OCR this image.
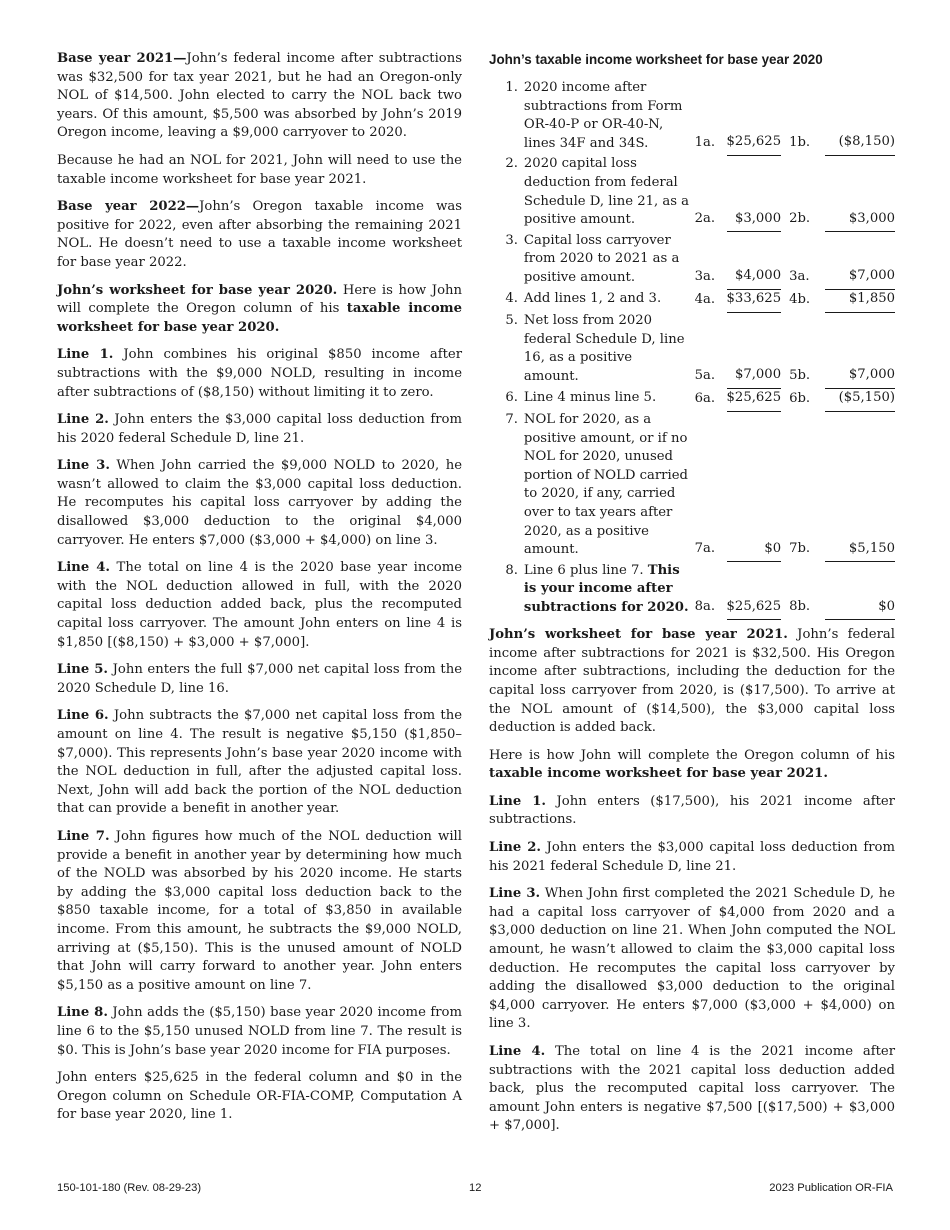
Base year 2021—John’s federal income after subtractions was $32,500 for tax year 2021, but he had an Oregon-only NOL of $14,500. John elected to carry the NOL back two years. Of this amount, $5,500 was absorbed by John’s 2019 Oregon income, leaving a $9,000 carryover to 2020.

Because he had an NOL for 2021, John will need to use the taxable income worksheet for base year 2021.

Base year 2022—John’s Oregon taxable income was positive for 2022, even after absorbing the remaining 2021 NOL. He doesn’t need to use a taxable income worksheet for base year 2022.

John’s worksheet for base year 2020. Here is how John will complete the Oregon column of his taxable income worksheet for base year 2020.

Line 1. John combines his original $850 income after subtractions with the $9,000 NOLD, resulting in income after subtractions of ($8,150) without limiting it to zero.

Line 2. John enters the $3,000 capital loss deduction from his 2020 federal Schedule D, line 21.

Line 3. When John carried the $9,000 NOLD to 2020, he wasn’t allowed to claim the $3,000 capital loss deduction. He recomputes his capital loss carryover by adding the disallowed $3,000 deduction to the original $4,000 carryover. He enters $7,000 ($3,000 + $4,000) on line 3.

Line 4. The total on line 4 is the 2020 base year income with the NOL deduction allowed in full, with the 2020 capital loss deduction added back, plus the recomputed capital loss carryover. The amount John enters on line 4 is $1,850 [($8,150) + $3,000 + $7,000].

Line 5. John enters the full $7,000 net capital loss from the 2020 Schedule D, line 16.

Line 6. John subtracts the $7,000 net capital loss from the amount on line 4. The result is negative $5,150 ($1,850–$7,000). This represents John’s base year 2020 income with the NOL deduction in full, after the adjusted capital loss. Next, John will add back the portion of the NOL deduction that can provide a benefit in another year.

Line 7. John figures how much of the NOL deduction will provide a benefit in another year by determining how much of the NOLD was absorbed by his 2020 income. He starts by adding the $3,000 capital loss deduction back to the $850 taxable income, for a total of $3,850 in available income. From this amount, he subtracts the $9,000 NOLD, arriving at ($5,150). This is the unused amount of NOLD that John will carry forward to another year. John enters $5,150 as a positive amount on line 7.

Line 8. John adds the ($5,150) base year 2020 income from line 6 to the $5,150 unused NOLD from line 7. The result is $0. This is John’s base year 2020 income for FIA purposes.

John enters $25,625 in the federal column and $0 in the Oregon column on Schedule OR-FIA-COMP, Computation A for base year 2020, line 1.

John’s taxable income worksheet for base year 2020
1.	2020 income after subtractions from Form OR-40-P or OR-40-N, lines 34F and 34S.	1a.	$25,625	1b.	($8,150)
2.	2020 capital loss deduction from federal Schedule D, line 21, as a positive amount.	2a.	$3,000	2b.	$3,000
3.	Capital loss carryover from 2020 to 2021 as a positive amount.	3a.	$4,000	3a.	$7,000
4.	Add lines 1, 2 and 3.	4a.	$33,625	4b.	$1,850
5.	Net loss from 2020 federal Schedule D, line 16, as a positive amount.	5a.	$7,000	5b.	$7,000
6.	Line 4 minus line 5.	6a.	$25,625	6b.	($5,150)
7.	NOL for 2020, as a positive amount, or if no NOL for 2020, unused portion of NOLD carried to 2020, if any, carried over to tax years after 2020, as a positive amount.	7a.	$0	7b.	$5,150
8.	Line 6 plus line 7. This is your income after subtractions for 2020.	8a.	$25,625	8b.	$0

John’s worksheet for base year 2021. John’s federal income after subtractions for 2021 is $32,500. His Oregon income after subtractions, including the deduction for the capital loss carryover from 2020, is ($17,500). To arrive at the NOL amount of ($14,500), the $3,000 capital loss deduction is added back.

Here is how John will complete the Oregon column of his taxable income worksheet for base year 2021.

Line 1. John enters ($17,500), his 2021 income after subtractions.

Line 2. John enters the $3,000 capital loss deduction from his 2021 federal Schedule D, line 21.

Line 3. When John first completed the 2021 Schedule D, he had a capital loss carryover of $4,000 from 2020 and a $3,000 deduction on line 21. When John computed the NOL amount, he wasn’t allowed to claim the $3,000 capital loss deduction. He recomputes the capital loss carryover by adding the disallowed $3,000 deduction to the original $4,000 carryover. He enters $7,000 ($3,000 + $4,000) on line 3.

Line 4. The total on line 4 is the 2021 income after subtractions with the 2021 capital loss deduction added back, plus the recomputed capital loss carryover. The amount John enters is negative $7,500 [($17,500) + $3,000 + $7,000].

150-101-180 (Rev. 08-29-23)	12	2023 Publication OR-FIA
